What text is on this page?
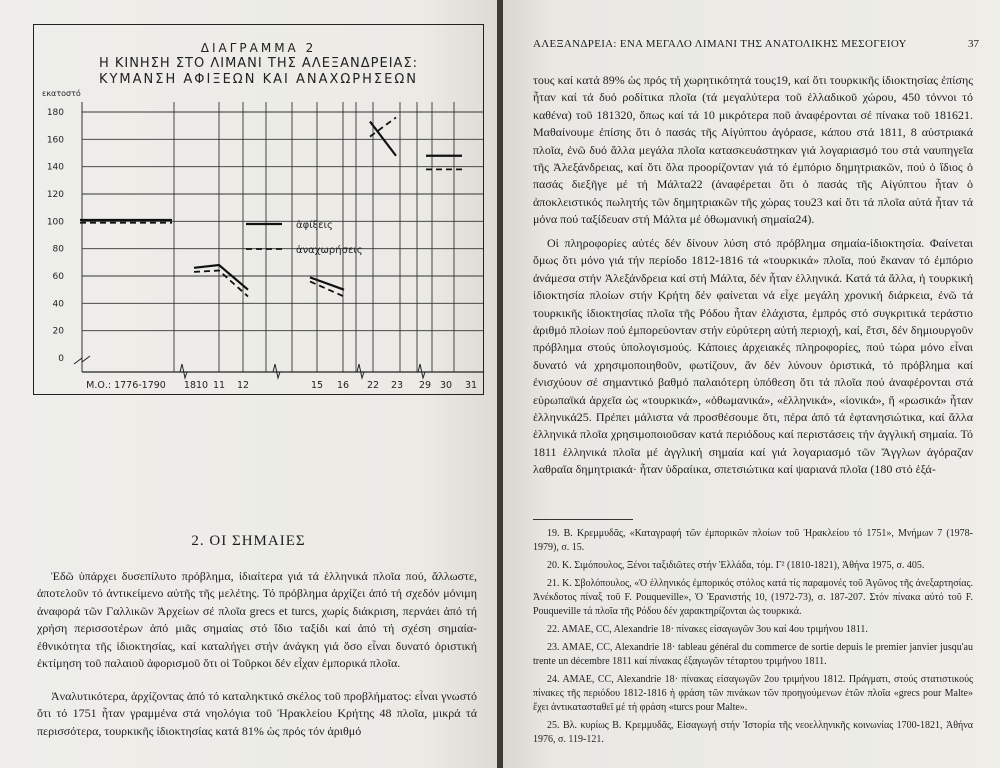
ΔΙΑΓΡΑΜΜΑ 2
Η ΚΙΝΗΣΗ ΣΤΟ ΛΙΜΑΝΙ ΤΗΣ ΑΛΕΞΑΝΔΡΕΙΑΣ:
ΚΥΜΑΝΣΗ ΑΦΙΞΕΩΝ ΚΑΙ ΑΝΑΧΩΡΗΣΕΩΝ
εκατοστό
0
20
40
60
80
100
120
140
160
180
Μ.Ο.: 1776-1790 1810 11 12	15 16 22 23 29 30 31
ἀφίξεις
ἀναχωρήσεις
2. ΟΙ ΣΗΜΑΙΕΣ
Ἐδῶ ὑπάρχει δυσεπίλυτο πρόβλημα, ἰδιαίτερα γιά τά ἑλληνικά πλοῖα πού, ἄλλωστε, ἀποτελοῦν τό ἀντικείμενο αὐτῆς τῆς μελέτης. Τό πρόβλημα ἀρχίζει ἀπό τή σχεδόν μόνιμη ἀναφορά τῶν Γαλλικῶν Ἀρχείων σέ πλοῖα grecs et turcs, χωρίς διάκριση, περνάει ἀπό τή χρήση περισσοτέρων ἀπό μιᾶς σημαίας στό ἴδιο ταξίδι καί ἀπό τή σχέση σημαία-ἐθνικότητα τῆς ἰδιοκτησίας, καί καταλήγει στήν ἀνάγκη γιά ὅσο εἶναι δυνατό ὁριστική ἐκτίμηση τοῦ παλαιοῦ ἀφορισμοῦ ὅτι οἱ Τοῦρκοι δέν εἶχαν ἐμπορικά πλοῖα.
Ἀναλυτικότερα, ἀρχίζοντας ἀπό τό καταληκτικό σκέλος τοῦ προβλήματος: εἶναι γνωστό ὅτι τό 1751 ἦταν γραμμένα στά νηολόγια τοῦ Ἡρακλείου Κρήτης 48 πλοῖα, μικρά τά περισσότερα, τουρκικῆς ἰδιοκτησίας κατά 81% ὡς πρός τόν ἀριθμό
ΑΛΕΞΑΝΔΡΕΙΑ: ΕΝΑ ΜΕΓΑΛΟ ΛΙΜΑΝΙ ΤΗΣ ΑΝΑΤΟΛΙΚΗΣ ΜΕΣΟΓΕΙΟΥ	37
τους καί κατά 89% ὡς πρός τή χωρητικότητά τους19, καί ὅτι τουρκικῆς ἰδιοκτησίας ἐπίσης ἦταν καί τά δυό ροδίτικα πλοῖα (τά μεγαλύτερα τοῦ ἑλλαδικοῦ χώρου, 450 τόννοι τό καθένα) τοῦ 181320, ὅπως καί τά 10 μικρότερα ποῦ ἀναφέρονται σέ πίνακα τοῦ 181621. Μαθαίνουμε ἐπίσης ὅτι ὁ πασάς τῆς Αἰγύπτου ἀγόρασε, κάπου στά 1811, 8 αὐστριακά πλοῖα, ἐνῶ δυό ἄλλα μεγάλα πλοῖα κατασκευάστηκαν γιά λογαριασμό του στά ναυπηγεῖα τῆς Ἀλεξάνδρειας, καί ὅτι ὅλα προορίζονταν γιά τό ἐμπόριο δημητριακῶν, πού ὁ ἴδιος ὁ πασάς διεξῆγε μέ τή Μάλτα22 (ἀναφέρεται ὅτι ὁ πασάς τῆς Αἰγύπτου ἦταν ὁ ἀποκλειστικός πωλητής τῶν δημητριακῶν τῆς χώρας του23 καί ὅτι τά πλοῖα αὐτά ἦταν τά μόνα πού ταξίδευαν στή Μάλτα μέ ὀθωμανική σημαία24).
Οἱ πληροφορίες αὐτές δέν δίνουν λύση στό πρόβλημα σημαία-ἰδιοκτησία. Φαίνεται ὅμως ὅτι μόνο γιά τήν περίοδο 1812-1816 τά «τουρκικά» πλοῖα, πού ἔκαναν τό ἐμπόριο ἀνάμεσα στήν Ἀλεξάνδρεια καί στή Μάλτα, δέν ἦταν ἑλληνικά. Κατά τά ἄλλα, ἡ τουρκική ἰδιοκτησία πλοίων στήν Κρήτη δέν φαίνεται νά εἶχε μεγάλη χρονική διάρκεια, ἐνῶ τά τουρκικῆς ἰδιοκτησίας πλοῖα τῆς Ρόδου ἦταν ἐλάχιστα, ἐμπρός στό συγκριτικά τεράστιο ἀριθμό πλοίων πού ἐμπορεύονταν στήν εὐρύτερη αὐτή περιοχή, καί, ἔτσι, δέν δημιουργοῦν πρόβλημα στούς ὑπολογισμούς. Κάποιες ἀρχειακές πληροφορίες, πού τώρα μόνο εἶναι δυνατό νά χρησιμοποιηθοῦν, φωτίζουν, ἄν δέν λύνουν ὁριστικά, τό πρόβλημα καί ἐνισχύουν σέ σημαντικό βαθμό παλαιότερη ὑπόθεση ὅτι τά πλοῖα πού ἀναφέρονται στά εὐρωπαϊκά ἀρχεῖα ὡς «τουρκικά», «ὀθωμανικά», «ἑλληνικά», «ἰονικά», ἤ «ρωσικά» ἦταν ἑλληνικά25. Πρέπει μάλιστα νά προσθέσουμε ὅτι, πέρα ἀπό τά ἑφτανησιώτικα, καί ἄλλα ἑλληνικά πλοῖα χρησιμοποιοῦσαν κατά περιόδους καί περιστάσεις τήν ἀγγλική σημαία. Τό 1811 ἑλληνικά πλοῖα μέ ἀγγλική σημαία καί γιά λογαριασμό τῶν Ἄγγλων ἀγόραζαν λαθραῖα δημητριακά· ἦταν ὑδραίικα, σπετσιώτικα καί ψαριανά πλοῖα (180 στό ἑξά-

19. Β. Κρεμμυδᾶς, «Καταγραφή τῶν ἐμπορικῶν πλοίων τοῦ Ἡρακλείου τό 1751», Μνήμων 7 (1978-1979), σ. 15.

20. Κ. Σιμόπουλος, Ξένοι ταξιδιῶτες στήν Ἑλλάδα, τόμ. Γ² (1810-1821), Ἀθήνα 1975, σ. 405.

21. Κ. Σβολόπουλος, «Ὁ ἑλληνικός ἐμπορικός στόλος κατά τίς παραμονές τοῦ Ἀγῶνος τῆς ἀνεξαρτησίας. Ἀνέκδοτος πίναξ τοῦ F. Pouqueville», Ὁ Ἐρανιστής 10, (1972-73), σ. 187-207. Στόν πίνακα αὐτό τοῦ F. Pouqueville τά πλοῖα τῆς Ρόδου δέν χαρακτηρίζονται ὡς τουρκικά.

22. AMAE, CC, Alexandrie 18· πίνακες εἰσαγωγῶν 3ου καί 4ου τριμήνου 1811.

23. AMAE, CC, Alexandrie 18· tableau général du commerce de sortie depuis le premier janvier jusqu'au trente un décembre 1811 καί πίνακας ἐξαγωγῶν τέταρτου τριμήνου 1811.

24. AMAE, CC, Alexandrie 18· πίνακας εἰσαγωγῶν 2ου τριμήνου 1812. Πράγματι, στούς στατιστικούς πίνακες τῆς περιόδου 1812-1816 ἡ φράση τῶν πινάκων τῶν προηγούμενων ἐτῶν πλοῖα «grecs pour Malte» ἔχει ἀντικατασταθεῖ μέ τή φράση «turcs pour Malte».

25. Βλ. κυρίως Β. Κρεμμυδᾶς, Εἰσαγωγή στήν Ἱστορία τῆς νεοελληνικῆς κοινωνίας 1700-1821, Ἀθήνα 1976, σ. 119-121.
